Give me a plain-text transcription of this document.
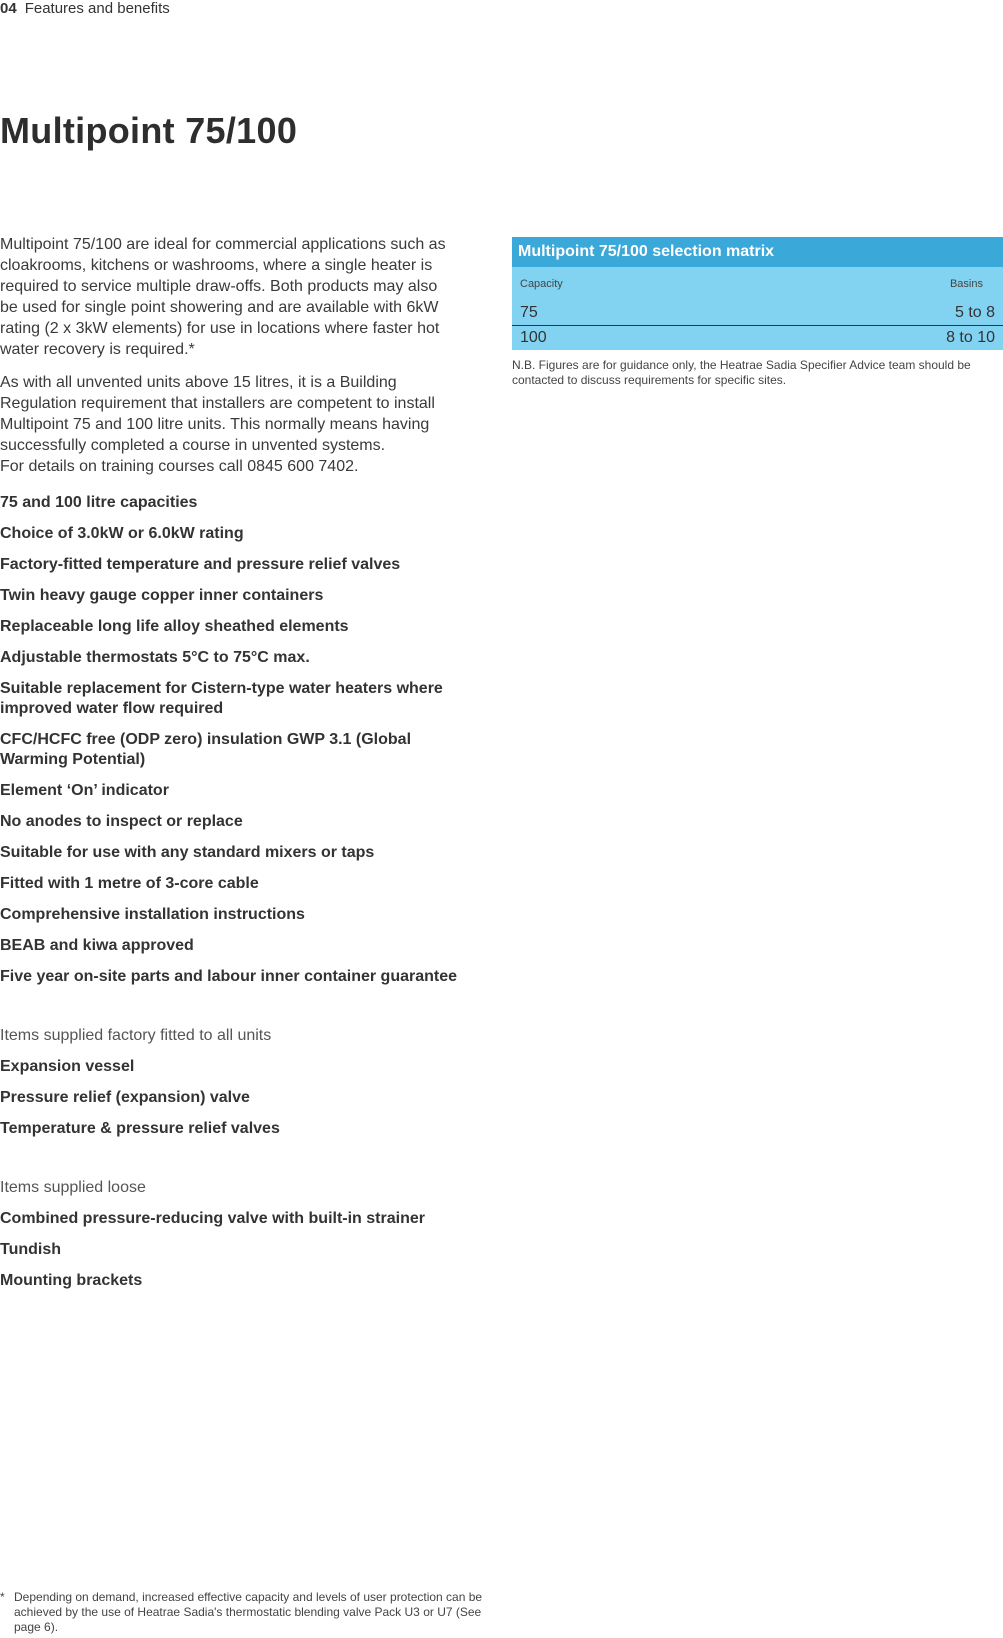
04 Features and benefits
Multipoint 75/100

Multipoint 75/100 are ideal for commercial applications such as
cloakrooms, kitchens or washrooms, where a single heater is
required to service multiple draw-offs. Both products may also
be used for single point showering and are available with 6kW
rating (2 x 3kW elements) for use in locations where faster hot
water recovery is required.*

As with all unvented units above 15 litres, it is a Building
Regulation requirement that installers are competent to install
Multipoint 75 and 100 litre units. This normally means having
successfully completed a course in unvented systems.
For details on training courses call 0845 600 7402.

75 and 100 litre capacities
Choice of 3.0kW or 6.0kW rating
Factory-fitted temperature and pressure relief valves
Twin heavy gauge copper inner containers
Replaceable long life alloy sheathed elements
Adjustable thermostats 5°C to 75°C max.
Suitable replacement for Cistern-type water heaters where improved water flow required
CFC/HCFC free (ODP zero) insulation GWP 3.1 (Global Warming Potential)
Element ‘On’ indicator
No anodes to inspect or replace
Suitable for use with any standard mixers or taps
Fitted with 1 metre of 3-core cable
Comprehensive installation instructions
BEAB and kiwa approved
Five year on-site parts and labour inner container guarantee
Items supplied factory fitted to all units
Expansion vessel
Pressure relief (expansion) valve
Temperature & pressure relief valves
Items supplied loose
Combined pressure-reducing valve with built-in strainer
Tundish
Mounting brackets
Multipoint 75/100 selection matrix
Capacity	Basins
75	5 to 8
100	8 to 10
N.B. Figures are for guidance only, the Heatrae Sadia Specifier Advice team should be contacted to discuss requirements for specific sites.
* Depending on demand, increased effective capacity and levels of user protection can be achieved by the use of Heatrae Sadia's thermostatic blending valve Pack U3 or U7 (See page 6).
